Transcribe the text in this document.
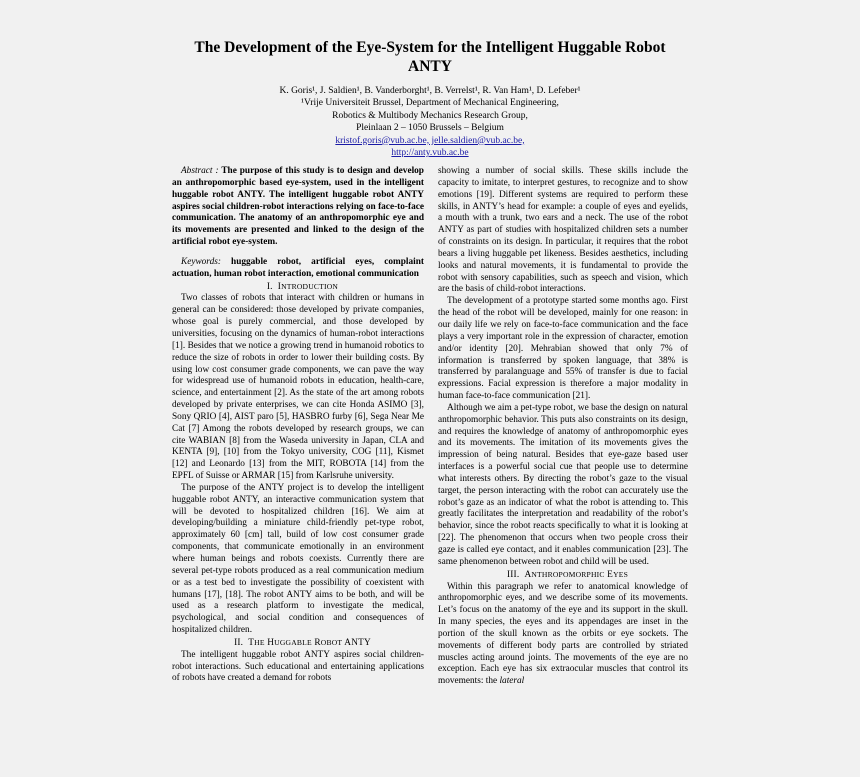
The Development of the Eye-System for the Intelligent Huggable Robot
ANTY
K. Goris¹, J. Saldien¹, B. Vanderborght¹, B. Verrelst¹, R. Van Ham¹, D. Lefeber¹
¹Vrije Universiteit Brussel, Department of Mechanical Engineering,
Robotics & Multibody Mechanics Research Group,
Pleinlaan 2 – 1050 Brussels – Belgium
kristof.goris@vub.ac.be, jelle.saldien@vub.ac.be,
http://anty.vub.ac.be

Abstract : The purpose of this study is to design and develop an anthropomorphic based eye-system, used in the intelligent huggable robot ANTY. The intelligent huggable robot ANTY aspires social children-robot interactions relying on face-to-face communication. The anatomy of an anthropomorphic eye and its movements are presented and linked to the design of the artificial robot eye-system.

Keywords: huggable robot, artificial eyes, complaint actuation, human robot interaction, emotional communication

I. INTRODUCTION

Two classes of robots that interact with children or humans in general can be considered: those developed by private companies, whose goal is purely commercial, and those developed by universities, focusing on the dynamics of human-robot interactions [1]. Besides that we notice a growing trend in humanoid robotics to reduce the size of robots in order to lower their building costs. By using low cost consumer grade components, we can pave the way for widespread use of humanoid robots in education, health-care, science, and entertainment [2]. As the state of the art among robots developed by private enterprises, we can cite Honda ASIMO [3], Sony QRIO [4], AIST paro [5], HASBRO furby [6], Sega Near Me Cat [7] Among the robots developed by research groups, we can cite WABIAN [8] from the Waseda university in Japan, CLA and KENTA [9], [10] from the Tokyo university, COG [11], Kismet [12] and Leonardo [13] from the MIT, ROBOTA [14] from the EPFL of Suisse or ARMAR [15] from Karlsruhe university.

The purpose of the ANTY project is to develop the intelligent huggable robot ANTY, an interactive communication system that will be devoted to hospitalized children [16]. We aim at developing/building a miniature child-friendly pet-type robot, approximately 60 [cm] tall, build of low cost consumer grade components, that communicate emotionally in an environment where human beings and robots coexists. Currently there are several pet-type robots produced as a real communication medium or as a test bed to investigate the possibility of coexistent with humans [17], [18]. The robot ANTY aims to be both, and will be used as a research platform to investigate the medical, psychological, and social condition and consequences of hospitalized children.

II. THE HUGGABLE ROBOT ANTY

The intelligent huggable robot ANTY aspires social children-robot interactions. Such educational and entertaining applications of robots have created a demand for robots

showing a number of social skills. These skills include the capacity to imitate, to interpret gestures, to recognize and to show emotions [19]. Different systems are required to perform these skills, in ANTY’s head for example: a couple of eyes and eyelids, a mouth with a trunk, two ears and a neck. The use of the robot ANTY as part of studies with hospitalized children sets a number of constraints on its design. In particular, it requires that the robot bears a living huggable pet likeness. Besides aesthetics, including looks and natural movements, it is fundamental to provide the robot with sensory capabilities, such as speech and vision, which are the basis of child-robot interactions.

The development of a prototype started some months ago. First the head of the robot will be developed, mainly for one reason: in our daily life we rely on face-to-face communication and the face plays a very important role in the expression of character, emotion and/or identity [20]. Mehrabian showed that only 7% of information is transferred by spoken language, that 38% is transferred by paralanguage and 55% of transfer is due to facial expressions. Facial expression is therefore a major modality in human face-to-face communication [21].

Although we aim a pet-type robot, we base the design on natural anthropomorphic behavior. This puts also constraints on its design, and requires the knowledge of anatomy of anthropomorphic eyes and its movements. The imitation of its movements gives the impression of being natural. Besides that eye-gaze based user interfaces is a powerful social cue that people use to determine what interests others. By directing the robot’s gaze to the visual target, the person interacting with the robot can accurately use the robot’s gaze as an indicator of what the robot is attending to. This greatly facilitates the interpretation and readability of the robot’s behavior, since the robot reacts specifically to what it is looking at [22]. The phenomenon that occurs when two people cross their gaze is called eye contact, and it enables communication [23]. The same phenomenon between robot and child will be used.

III. ANTHROPOMORPHIC EYES

Within this paragraph we refer to anatomical knowledge of anthropomorphic eyes, and we describe some of its movements. Let’s focus on the anatomy of the eye and its support in the skull. In many species, the eyes and its appendages are inset in the portion of the skull known as the orbits or eye sockets. The movements of different body parts are controlled by striated muscles acting around joints. The movements of the eye are no exception. Each eye has six extraocular muscles that control its movements: the lateral
